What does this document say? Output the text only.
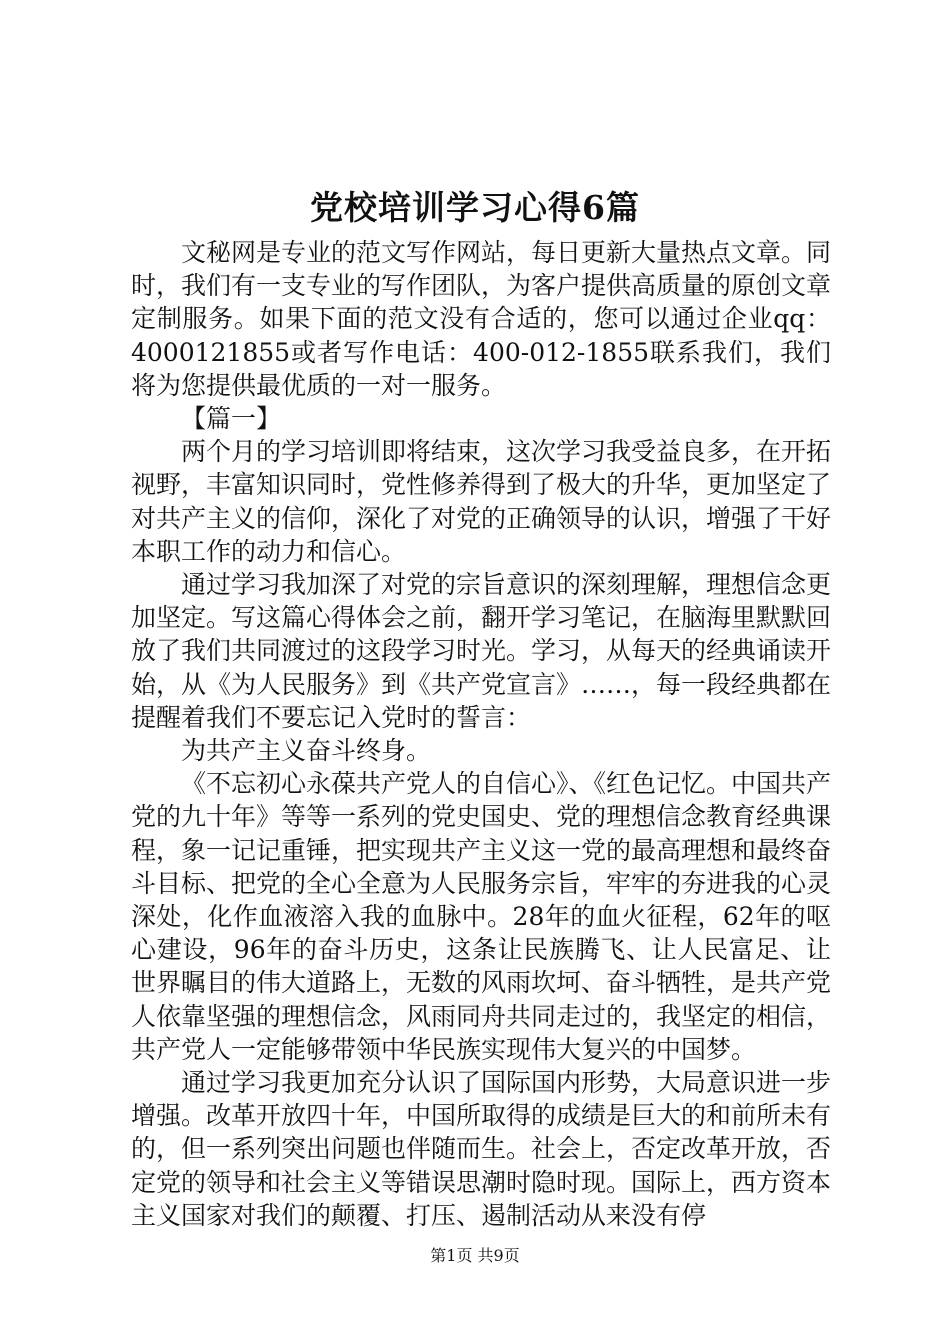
党校培训学习心得6篇

文秘网是专业的范文写作网站，每日更新大量热点文章。同时，我们有一支专业的写作团队，为客户提供高质量的原创文章定制服务。如果下面的范文没有合适的，您可以通过企业qq：4000121855或者写作电话：400-012-1855联系我们，我们将为您提供最优质的一对一服务。

【篇一】

两个月的学习培训即将结束，这次学习我受益良多，在开拓视野，丰富知识同时，党性修养得到了极大的升华，更加坚定了对共产主义的信仰，深化了对党的正确领导的认识，增强了干好本职工作的动力和信心。

通过学习我加深了对党的宗旨意识的深刻理解，理想信念更加坚定。写这篇心得体会之前，翻开学习笔记，在脑海里默默回放了我们共同渡过的这段学习时光。学习，从每天的经典诵读开始，从《为人民服务》到《共产党宣言》……，每一段经典都在提醒着我们不要忘记入党时的誓言：

为共产主义奋斗终身。

《不忘初心永葆共产党人的自信心》、《红色记忆。中国共产党的九十年》等等一系列的党史国史、党的理想信念教育经典课程，象一记记重锤，把实现共产主义这一党的最高理想和最终奋斗目标、把党的全心全意为人民服务宗旨，牢牢的夯进我的心灵深处，化作血液溶入我的血脉中。28年的血火征程，62年的呕心建设，96年的奋斗历史，这条让民族腾飞、让人民富足、让世界瞩目的伟大道路上，无数的风雨坎坷、奋斗牺牲，是共产党人依靠坚强的理想信念，风雨同舟共同走过的，我坚定的相信，共产党人一定能够带领中华民族实现伟大复兴的中国梦。

通过学习我更加充分认识了国际国内形势，大局意识进一步增强。改革开放四十年，中国所取得的成绩是巨大的和前所未有的，但一系列突出问题也伴随而生。社会上，否定改革开放，否定党的领导和社会主义等错误思潮时隐时现。国际上，西方资本主义国家对我们的颠覆、打压、遏制活动从来没有停

第1页 共9页
